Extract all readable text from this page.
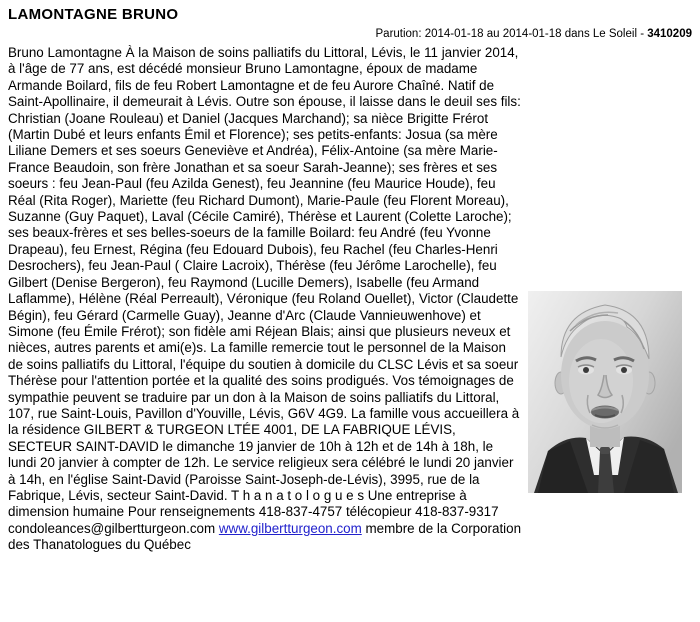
LAMONTAGNE BRUNO
Parution: 2014-01-18 au 2014-01-18 dans Le Soleil - 3410209

Bruno Lamontagne À la Maison de soins palliatifs du Littoral, Lévis, le 11 janvier 2014, à l'âge de 77 ans, est décédé monsieur Bruno Lamontagne, époux de madame Armande Boilard, fils de feu Robert Lamontagne et de feu Aurore Chaîné. Natif de Saint-Apollinaire, il demeurait à Lévis. Outre son épouse, il laisse dans le deuil ses fils: Christian (Joane Rouleau) et Daniel (Jacques Marchand); sa nièce Brigitte Frérot (Martin Dubé et leurs enfants Émil et Florence); ses petits-enfants: Josua (sa mère Liliane Demers et ses soeurs Geneviève et Andréa), Félix-Antoine (sa mère Marie-France Beaudoin, son frère Jonathan et sa soeur Sarah-Jeanne); ses frères et ses soeurs : feu Jean-Paul (feu Azilda Genest), feu Jeannine (feu Maurice Houde), feu Réal (Rita Roger), Mariette (feu Richard Dumont), Marie-Paule (feu Florent Moreau), Suzanne (Guy Paquet), Laval (Cécile Camiré), Thérèse et Laurent (Colette Laroche); ses beaux-frères et ses belles-soeurs de la famille Boilard: feu André (feu Yvonne Drapeau), feu Ernest, Régina (feu Edouard Dubois), feu Rachel (feu Charles-Henri Desrochers), feu Jean-Paul ( Claire Lacroix), Thérèse (feu Jérôme Larochelle), feu Gilbert (Denise Bergeron), feu Raymond (Lucille Demers), Isabelle (feu Armand Laflamme), Hélène (Réal Perreault), Véronique (feu Roland Ouellet), Victor (Claudette Bégin), feu Gérard (Carmelle Guay), Jeanne d'Arc (Claude Vannieuwenhove) et Simone (feu Émile Frérot); son fidèle ami Réjean Blais; ainsi que plusieurs neveux et nièces, autres parents et ami(e)s. La famille remercie tout le personnel de la Maison de soins palliatifs du Littoral, l'équipe du soutien à domicile du CLSC Lévis et sa soeur Thérèse pour l'attention portée et la qualité des soins prodigués. Vos témoignages de sympathie peuvent se traduire par un don à la Maison de soins palliatifs du Littoral, 107, rue Saint-Louis, Pavillon d'Youville, Lévis, G6V 4G9. La famille vous accueillera à la résidence GILBERT & TURGEON LTÉE 4001, DE LA FABRIQUE LÉVIS, SECTEUR SAINT-DAVID le dimanche 19 janvier de 10h à 12h et de 14h à 18h, le lundi 20 janvier à compter de 12h. Le service religieux sera célébré le lundi 20 janvier à 14h, en l'église Saint-David (Paroisse Saint-Joseph-de-Lévis), 3995, rue de la Fabrique, Lévis, secteur Saint-David. T h a n a t o l o g u e s Une entreprise à dimension humaine Pour renseignements 418-837-4757 télécopieur 418-837-9317 condoleances@gilbertturgeon.com www.gilbertturgeon.com membre de la Corporation des Thanatologues du Québec
